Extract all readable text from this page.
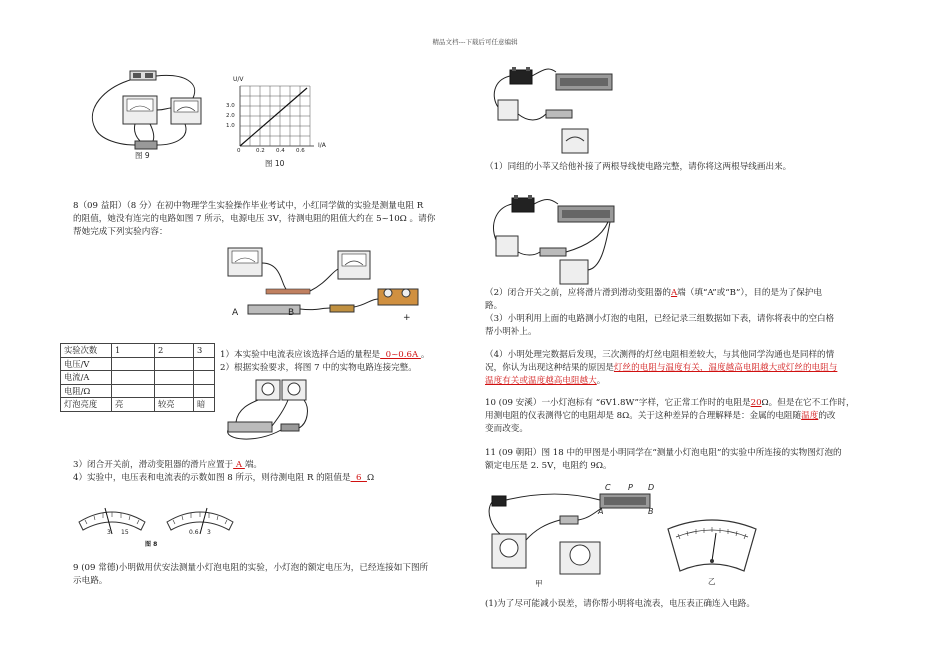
精品文档---下载后可任意编辑
图 9
U/V
I/A
3.0
2.0
1.0
0	0.2 0.4 0.6
图 10
8（09 益阳）（8 分）在初中物理学生实验操作毕业考试中，小红同学做的实验是测量电阻 R
的阻值，她没有连完的电路如图 7 所示，电源电压 3V，待测电阻的阻值大约在 5~10Ω 。请你
帮她完成下列实验内容：
A	B	+
实验次数	1	2	3
电压/V			
电流/A			
电阻/Ω			
灯泡亮度	亮	较亮	暗
1）本实验中电流表应该选择合适的量程是  0~0.6A 。
2）根据实验要求，将图 7 中的实物电路连接完整。
3）闭合开关前，滑动变阻器的滑片应置于 A 端。
4）实验中，电压表和电流表的示数如图 8 所示，则待测电阻 R 的阻值是  6  Ω
3 15	0.6 3
图 8
9 (09 常德)小明做用伏安法测量小灯泡电阻的实验，小灯泡的额定电压为，已经连接如下图所
示电路。
（1）同组的小莘又给他补接了两根导线使电路完整，请你将这两根导线画出来。
（2）闭合开关之前，应将滑片滑到滑动变阻器的A端（填“A”或“B”），目的是为了保护电
路。
（3）小明利用上面的电路测小灯泡的电阻，已经记录三组数据如下表，请你将表中的空白格
帮小明补上。
（4）小明处理完数据后发现，三次测得的灯丝电阻相差较大，与其他同学沟通也是同样的情
况，你认为出现这种结果的原因是灯丝的电阻与温度有关，温度越高电阻越大或灯丝的电阻与
温度有关或温度越高电阻越大。
10 (09 安溪）一小灯泡标有 “6V1.8W”字样，它正常工作时的电阻是20Ω。但是在它不工作时，
用测电阻的仪表测得它的电阻却是 8Ω。关于这种差异的合理解释是：金属的电阻随温度的改
变而改变。
11 (09 朝阳）图 18 中的甲图是小明同学在“测量小灯泡电阻”的实验中所连接的实物图灯泡的
额定电压是 2. 5V，电阻约 9Ω。
C P D
A	B
甲	乙
(1)为了尽可能减小误差，请你帮小明将电流表，电压表正确连入电路。
